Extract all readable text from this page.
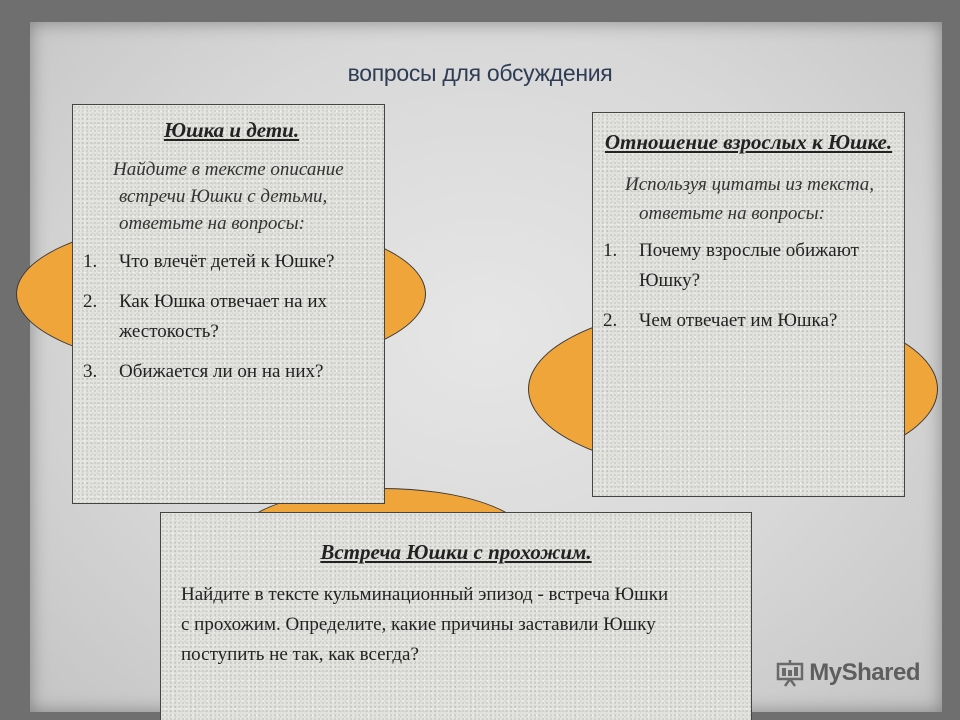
вопросы для обсуждения

Юшка и дети.

Найдите в тексте описание встречи Юшки с детьми, ответьте на вопросы:

1. Что влечёт детей к Юшке?
2. Как Юшка отвечает на их жестокость?
3. Обижается ли он на них?

Отношение взрослых к Юшке.

Используя цитаты из текста, ответьте на вопросы:

1. Почему взрослые обижают Юшку?
2. Чем отвечает им Юшка?

Встреча Юшки с прохожим.

Найдите в тексте кульминационный эпизод - встреча Юшки с прохожим. Определите, какие причины заставили Юшку поступить не так, как всегда?

MyShared
